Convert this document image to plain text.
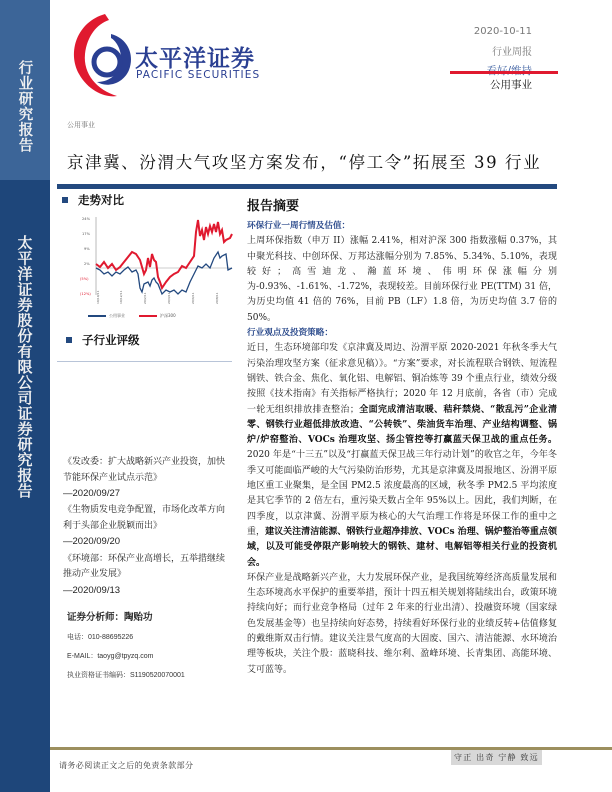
行业研究报告
太平洋证券股份有限公司证券研究报告
太平洋证券
PACIFIC SECURITIES
2020-10-11
行业周报
公用事业
公用事业
京津冀、汾渭大气攻坚方案发布，“停工令”拓展至 39 行业
走势对比
24%
17%
9%
2%
(5%)
(12%) 19/10/11	19/12/11	20/2/11	20/4/11	20/6/11	20/8/11
公用事业	沪深300
子行业评级
《发改委：扩大战略新兴产业投资，加快节能环保产业试点示范》
—2020/09/27
《生物质发电竞争配置，市场化改革方向利于头部企业脱颖而出》
—2020/09/20
《环境部：环保产业高增长，五举措继续推动产业发展》
—2020/09/13
证券分析师：陶贻功
电话：010-88695226
E-MAIL：taoyg@tpyzq.com
执业资格证书编码：S1190520070001
报告摘要
环保行业一周行情及估值：

上周环保指数（申万 II）涨幅 2.41%，相对沪深 300 指数涨幅 0.37%，其中聚光科技、中创环保、万邦达涨幅分别为 7.85%、5.34%、5.10%，表现较好；高雪迪龙、瀚蓝环境、伟明环保涨幅分别为-0.93%、-1.61%、-1.72%，表现较差。目前环保行业 PE(TTM) 31 倍，为历史均值 41 倍的 76%，目前 PB（LF）1.8 倍，为历史均值 3.7 倍的 50%。

行业观点及投资策略：

近日，生态环境部印发《京津冀及周边、汾渭平原 2020-2021 年秋冬季大气污染治理攻坚方案（征求意见稿）》。“方案”要求，对长流程联合钢铁、短流程钢铁、铁合金、焦化、氧化铝、电解铝、铜冶炼等 39 个重点行业，绩效分级按照《技术指南》有关指标严格执行；2020 年 12 月底前，各省（市）完成一轮无组织排放排查整治；全面完成清洁取暖、秸秆禁烧、“散乱污”企业清零、钢铁行业超低排放改造、“公转铁”、柴油货车治理、产业结构调整、锅炉/炉窑整治、VOCs 治理攻坚、扬尘管控等打赢蓝天保卫战的重点任务。2020 年是“十三五”以及“打赢蓝天保卫战三年行动计划”的收官之年，今年冬季又可能面临严峻的大气污染防治形势，尤其是京津冀及周报地区、汾渭平原地区重工业聚集，是全国 PM2.5 浓度最高的区域，秋冬季 PM2.5 平均浓度是其它季节的 2 倍左右，重污染天数占全年 95%以上。因此，我们判断，在四季度，以京津冀、汾渭平原为核心的大气治理工作将是环保工作的重中之重，建议关注清洁能源、钢铁行业超净排放、VOCs 治理、锅炉整治等重点领域，以及可能受停限产影响较大的钢铁、建材、电解铝等相关行业的投资机会。

环保产业是战略新兴产业，大力发展环保产业，是我国统筹经济高质量发展和生态环境高水平保护的重要举措，预计十四五相关规划将陆续出台，政策环境持续向好；而行业竞争格局（过年 2 年来的行业出清）、投融资环境（国家绿色发展基金等）也呈持续向好态势，持续看好环保行业的业绩反转+估值修复的戴维斯双击行情。建议关注景气度高的大固废、国六、清洁能源、水环境治理等板块，关注个股：蓝晓科技、维尔利、盈峰环境、长青集团、高能环境、艾可蓝等。

请务必阅读正文之后的免责条款部分
守正 出奇 宁静 致远
